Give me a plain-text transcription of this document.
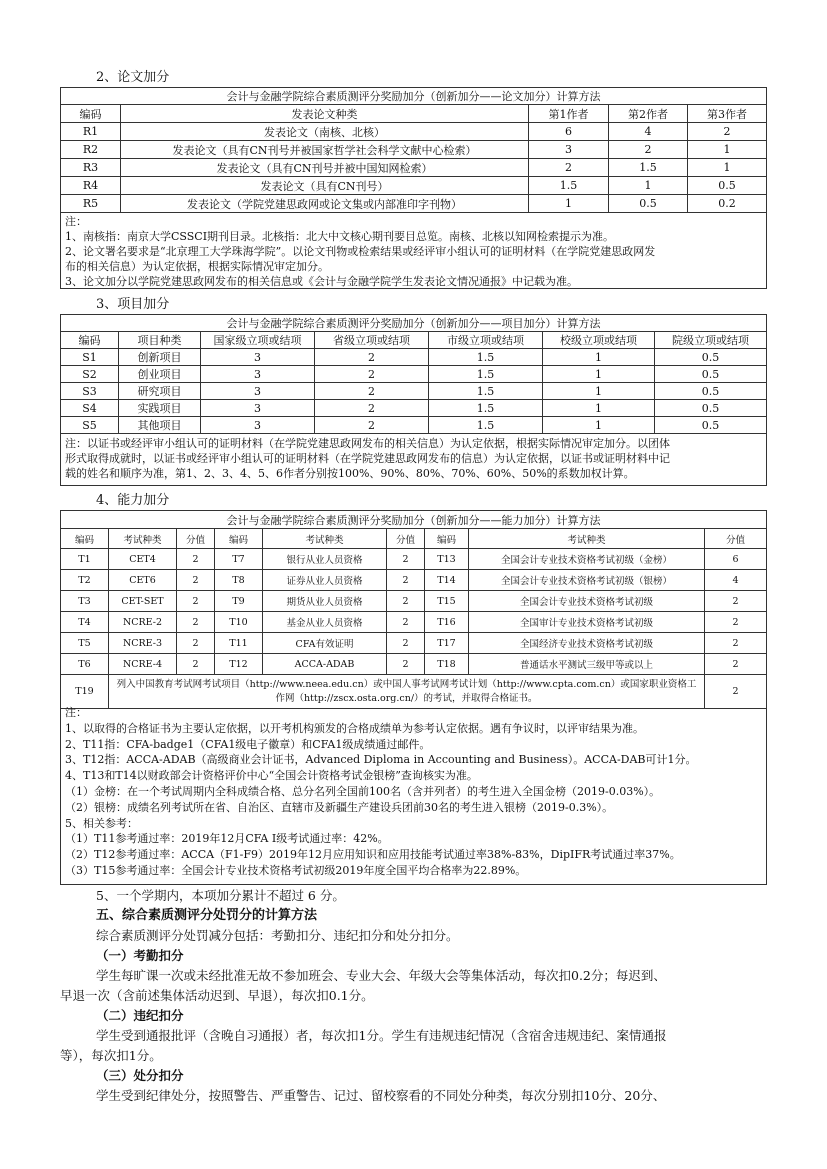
2、论文加分
会计与金融学院综合素质测评分奖励加分（创新加分——论文加分）计算方法				
编码	发表论文种类	第1作者	第2作者	第3作者
R1	发表论文（南核、北核）	6	4	2
R2	发表论文（具有CN刊号并被国家哲学社会科学文献中心检索）	3	2	1
R3	发表论文（具有CN刊号并被中国知网检索）	2	1.5	1
R4	发表论文（具有CN刊号）	1.5	1	0.5
R5	发表论文（学院党建思政网或论文集或内部准印字刊物）	1	0.5	0.2
注：
1、南核指：南京大学CSSCI期刊目录。北核指：北大中文核心期刊要目总览。南核、北核以知网检索提示为准。
2、论文署名要求是“北京理工大学珠海学院”。以论文刊物或检索结果或经评审小组认可的证明材料（在学院党建思政网发
布的相关信息）为认定依据，根据实际情况审定加分。
3、论文加分以学院党建思政网发布的相关信息或《会计与金融学院学生发表论文情况通报》中记载为准。
3、项目加分
会计与金融学院综合素质测评分奖励加分（创新加分——项目加分）计算方法						
编码	项目种类	国家级立项或结项	省级立项或结项	市级立项或结项	校级立项或结项	院级立项或结项
S1	创新项目	3	2	1.5	1	0.5
S2	创业项目	3	2	1.5	1	0.5
S3	研究项目	3	2	1.5	1	0.5
S4	实践项目	3	2	1.5	1	0.5
S5	其他项目	3	2	1.5	1	0.5
注：以证书或经评审小组认可的证明材料（在学院党建思政网发布的相关信息）为认定依据，根据实际情况审定加分。以团体
形式取得成就时，以证书或经评审小组认可的证明材料（在学院党建思政网发布的信息）为认定依据，以证书或证明材料中记
载的姓名和顺序为准，第1、2、3、4、5、6作者分别按100%、90%、80%、70%、60%、50%的系数加权计算。
4、能力加分
会计与金融学院综合素质测评分奖励加分（创新加分——能力加分）计算方法								
编码	考试种类	分值	编码	考试种类	分值	编码	考试种类	分值
T1	CET4	2	T7	银行从业人员资格	2	T13	全国会计专业技术资格考试初级（金榜）	6
T2	CET6	2	T8	证券从业人员资格	2	T14	全国会计专业技术资格考试初级（银榜）	4
T3	CET-SET	2	T9	期货从业人员资格	2	T15	全国会计专业技术资格考试初级	2
T4	NCRE-2	2	T10	基金从业人员资格	2	T16	全国审计专业技术资格考试初级	2
T5	NCRE-3	2	T11	CFA有效证明	2	T17	全国经济专业技术资格考试初级	2
T6	NCRE-4	2	T12	ACCA-ADAB	2	T18	普通话水平测试三级甲等或以上	2
T19	列入中国教育考试网考试项目（http://www.neea.edu.cn）或中国人事考试网考试计划（http://www.cpta.com.cn）或国家职业资格工
作网（http://zscx.osta.org.cn/）的考试，并取得合格证书。							2
注：
1、以取得的合格证书为主要认定依据，以开考机构颁发的合格成绩单为参考认定依据。遇有争议时，以评审结果为准。
2、T11指：CFA-badge1（CFA1级电子徽章）和CFA1级成绩通过邮件。
3、T12指：ACCA-ADAB（高级商业会计证书，Advanced Diploma in Accounting and Business）。ACCA-DAB可计1分。
4、T13和T14以财政部会计资格评价中心“全国会计资格考试金银榜”查询核实为准。
（1）金榜：在一个考试周期内全科成绩合格、总分名列全国前100名（含并列者）的考生进入全国金榜（2019-0.03%）。
（2）银榜：成绩名列考试所在省、自治区、直辖市及新疆生产建设兵团前30名的考生进入银榜（2019-0.3%）。
5、相关参考：
（1）T11参考通过率：2019年12月CFA I级考试通过率：42%。
（2）T12参考通过率：ACCA（F1-F9）2019年12月应用知识和应用技能考试通过率38%-83%，DipIFR考试通过率37%。
（3）T15参考通过率：全国会计专业技术资格考试初级2019年度全国平均合格率为22.89%。
5、一个学期内，本项加分累计不超过 6 分。
五、综合素质测评分处罚分的计算方法
综合素质测评分处罚减分包括：考勤扣分、违纪扣分和处分扣分。
（一）考勤扣分
学生每旷课一次或未经批准无故不参加班会、专业大会、年级大会等集体活动，每次扣0.2分；每迟到、
早退一次（含前述集体活动迟到、早退），每次扣0.1分。
（二）违纪扣分
学生受到通报批评（含晚自习通报）者，每次扣1分。学生有违规违纪情况（含宿舍违规违纪、案情通报
等），每次扣1分。
（三）处分扣分
学生受到纪律处分，按照警告、严重警告、记过、留校察看的不同处分种类，每次分别扣10分、20分、
